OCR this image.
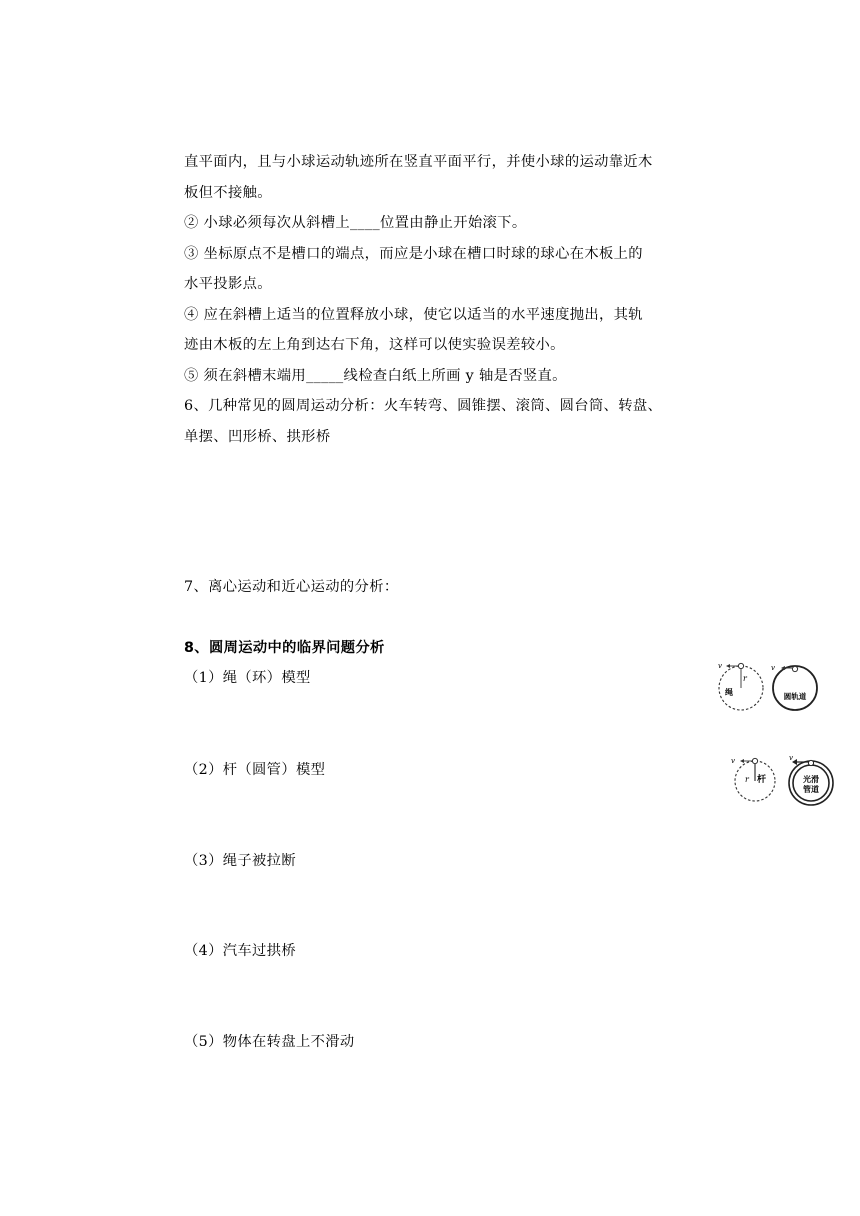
直平面内，且与小球运动轨迹所在竖直平面平行，并使小球的运动靠近木
板但不接触。
② 小球必须每次从斜槽上____位置由静止开始滚下。
③ 坐标原点不是槽口的端点，而应是小球在槽口时球的球心在木板上的
水平投影点。
④ 应在斜槽上适当的位置释放小球，使它以适当的水平速度抛出，其轨
迹由木板的左上角到达右下角，这样可以使实验误差较小。
⑤ 须在斜槽末端用_____线检查白纸上所画 y 轴是否竖直。
6、几种常见的圆周运动分析：火车转弯、圆锥摆、滚筒、圆台筒、转盘、
单摆、凹形桥、拱形桥
7、离心运动和近心运动的分析：
8、圆周运动中的临界问题分析
（1）绳（环）模型
（2）杆（圆管）模型
（3）绳子被拉断
（4）汽车过拱桥
（5）物体在转盘上不滑动
v
r
绳
v
圆轨道
v
r 杆
v
光滑
管道
